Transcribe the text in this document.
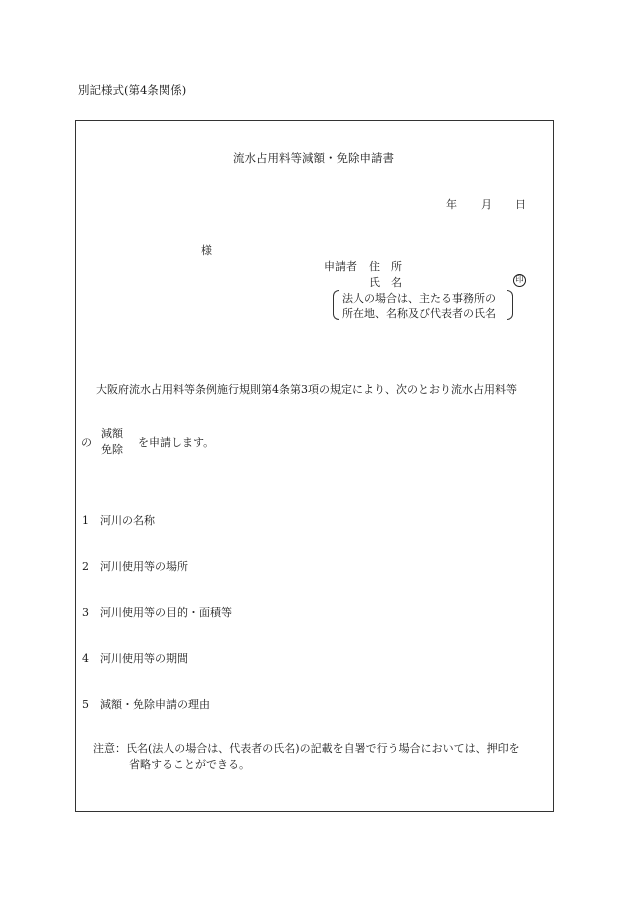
別記様式(第4条関係)
流水占用料等減額・免除申請書
年 月 日
様
申請者 住　所
氏　名	印
法人の場合は、主たる事務所の
所在地、名称及び代表者の氏名
大阪府流水占用料等条例施行規則第4条第3項の規定により、次のとおり流水占用料等
の
減額
免除
を申請します。
1 河川の名称
2 河川使用等の場所
3 河川使用等の目的・面積等
4 河川使用等の期間
5 減額・免除申請の理由
注意：氏名(法人の場合は、代表者の氏名)の記載を自署で行う場合においては、押印を
省略することができる。
